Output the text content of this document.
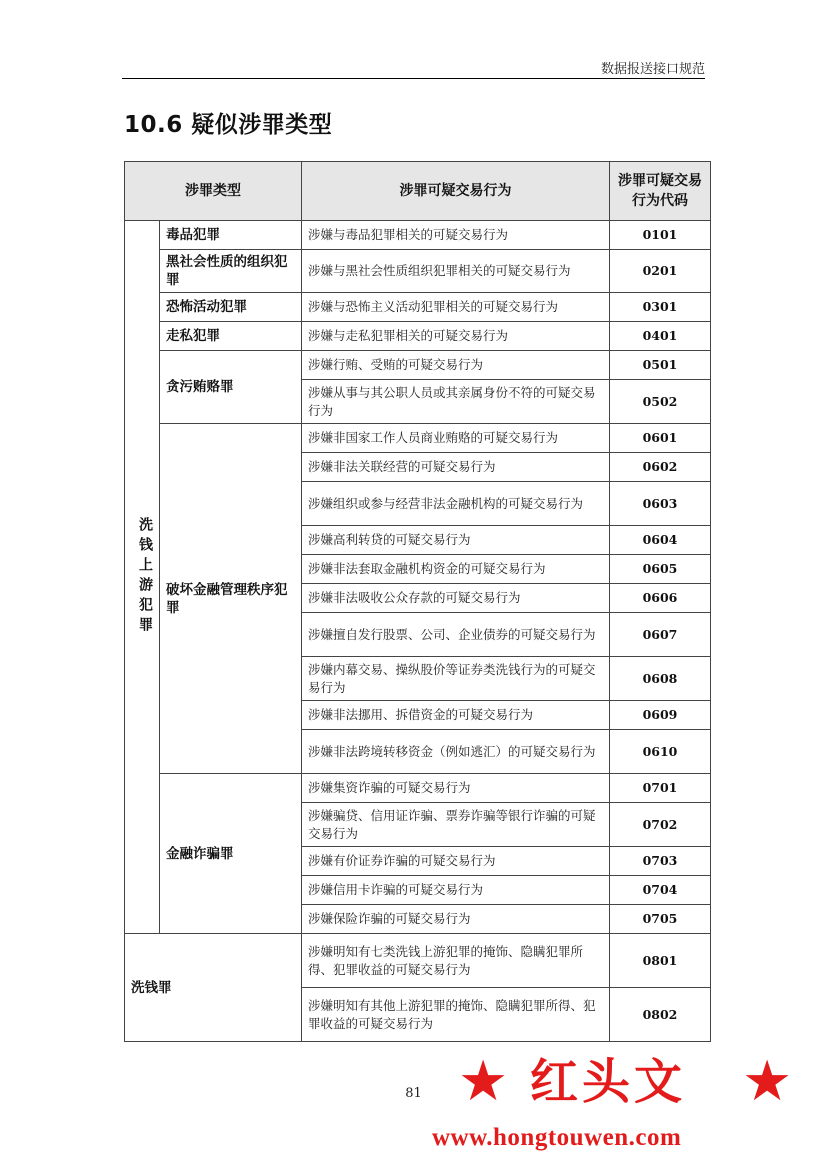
数据报送接口规范
10.6 疑似涉罪类型
涉罪类型		涉罪可疑交易行为	涉罪可疑交易行为代码

洗钱上游犯罪	毒品犯罪	涉嫌与毒品犯罪相关的可疑交易行为	0101
	黑社会性质的组织犯罪	涉嫌与黑社会性质组织犯罪相关的可疑交易行为	0201
	恐怖活动犯罪	涉嫌与恐怖主义活动犯罪相关的可疑交易行为	0301
	走私犯罪	涉嫌与走私犯罪相关的可疑交易行为	0401
	贪污贿赂罪	涉嫌行贿、受贿的可疑交易行为	0501
		涉嫌从事与其公职人员或其亲属身份不符的可疑交易行为	0502
	破坏金融管理秩序犯罪	涉嫌非国家工作人员商业贿赂的可疑交易行为	0601
		涉嫌非法关联经营的可疑交易行为	0602
		涉嫌组织或参与经营非法金融机构的可疑交易行为	0603
		涉嫌高利转贷的可疑交易行为	0604
		涉嫌非法套取金融机构资金的可疑交易行为	0605
		涉嫌非法吸收公众存款的可疑交易行为	0606
		涉嫌擅自发行股票、公司、企业债券的可疑交易行为	0607
		涉嫌内幕交易、操纵股价等证券类洗钱行为的可疑交易行为	0608
		涉嫌非法挪用、拆借资金的可疑交易行为	0609
		涉嫌非法跨境转移资金（例如逃汇）的可疑交易行为	0610
	金融诈骗罪	涉嫌集资诈骗的可疑交易行为	0701
		涉嫌骗贷、信用证诈骗、票券诈骗等银行诈骗的可疑交易行为	0702
		涉嫌有价证券诈骗的可疑交易行为	0703
		涉嫌信用卡诈骗的可疑交易行为	0704
		涉嫌保险诈骗的可疑交易行为	0705
洗钱罪		涉嫌明知有七类洗钱上游犯罪的掩饰、隐瞒犯罪所得、犯罪收益的可疑交易行为	0801
		涉嫌明知有其他上游犯罪的掩饰、隐瞒犯罪所得、犯罪收益的可疑交易行为	0802
81 ★ 红头文 ★
www.hongtouwen.com
